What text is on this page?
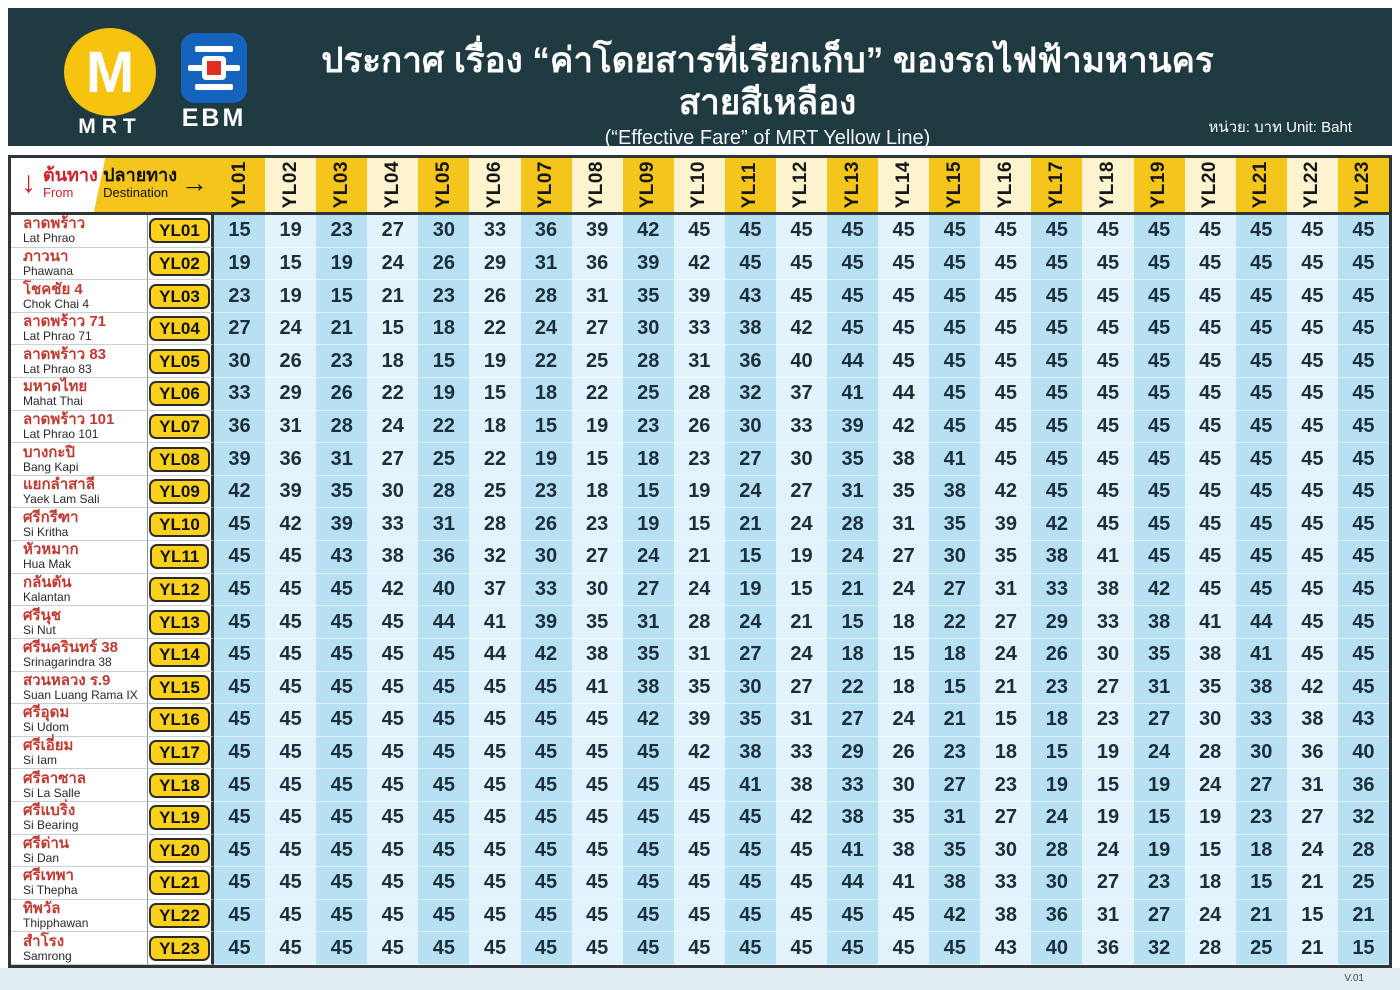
M
MRT	EBM
ประกาศ เรื่อง “ค่าโดยสารที่เรียกเก็บ” ของรถไฟฟ้ามหานคร สายสีเหลือง
(“Effective Fare” of MRT Yellow Line)	หน่วย: บาท Unit: Baht
↓ ต้นทาง
From
ปลายทาง
Destination → YL01 YL02 YL03 YL04 YL05 YL06 YL07 YL08 YL09 YL10 YL11 YL12 YL13 YL14 YL15 YL16 YL17 YL18 YL19 YL20 YL21 YL22 YL23
ลาดพร้าว
Lat Phrao	YL01	15	19	23	27	30	33	36	39	42	45	45	45	45	45	45	45	45	45	45	45	45	45	45
ภาวนา
Phawana	YL02	19	15	19	24	26	29	31	36	39	42	45	45	45	45	45	45	45	45	45	45	45	45	45
โชคชัย 4
Chok Chai 4	YL03	23	19	15	21	23	26	28	31	35	39	43	45	45	45	45	45	45	45	45	45	45	45	45
ลาดพร้าว 71
Lat Phrao 71	YL04	27	24	21	15	18	22	24	27	30	33	38	42	45	45	45	45	45	45	45	45	45	45	45
ลาดพร้าว 83
Lat Phrao 83	YL05	30	26	23	18	15	19	22	25	28	31	36	40	44	45	45	45	45	45	45	45	45	45	45
มหาดไทย
Mahat Thai	YL06	33	29	26	22	19	15	18	22	25	28	32	37	41	44	45	45	45	45	45	45	45	45	45
ลาดพร้าว 101
Lat Phrao 101	YL07	36	31	28	24	22	18	15	19	23	26	30	33	39	42	45	45	45	45	45	45	45	45	45
บางกะปิ
Bang Kapi	YL08	39	36	31	27	25	22	19	15	18	23	27	30	35	38	41	45	45	45	45	45	45	45	45
แยกลำสาลี
Yaek Lam Sali	YL09	42	39	35	30	28	25	23	18	15	19	24	27	31	35	38	42	45	45	45	45	45	45	45
ศรีกรีฑา
Si Kritha	YL10	45	42	39	33	31	28	26	23	19	15	21	24	28	31	35	39	42	45	45	45	45	45	45
หัวหมาก
Hua Mak	YL11	45	45	43	38	36	32	30	27	24	21	15	19	24	27	30	35	38	41	45	45	45	45	45
กลันตัน
Kalantan	YL12	45	45	45	42	40	37	33	30	27	24	19	15	21	24	27	31	33	38	42	45	45	45	45
ศรีนุช
Si Nut	YL13	45	45	45	45	44	41	39	35	31	28	24	21	15	18	22	27	29	33	38	41	44	45	45
ศรีนครินทร์ 38
Srinagarindra 38	YL14	45	45	45	45	45	44	42	38	35	31	27	24	18	15	18	24	26	30	35	38	41	45	45
สวนหลวง ร.9
Suan Luang Rama IX	YL15	45	45	45	45	45	45	45	41	38	35	30	27	22	18	15	21	23	27	31	35	38	42	45
ศรีอุดม
Si Udom	YL16	45	45	45	45	45	45	45	45	42	39	35	31	27	24	21	15	18	23	27	30	33	38	43
ศรีเอี่ยม
Si Iam	YL17	45	45	45	45	45	45	45	45	45	42	38	33	29	26	23	18	15	19	24	28	30	36	40
ศรีลาซาล
Si La Salle	YL18	45	45	45	45	45	45	45	45	45	45	41	38	33	30	27	23	19	15	19	24	27	31	36
ศรีแบริ่ง
Si Bearing	YL19	45	45	45	45	45	45	45	45	45	45	45	42	38	35	31	27	24	19	15	19	23	27	32
ศรีด่าน
Si Dan	YL20	45	45	45	45	45	45	45	45	45	45	45	45	41	38	35	30	28	24	19	15	18	24	28
ศรีเทพา
Si Thepha	YL21	45	45	45	45	45	45	45	45	45	45	45	45	44	41	38	33	30	27	23	18	15	21	25
ทิพวัล
Thipphawan	YL22	45	45	45	45	45	45	45	45	45	45	45	45	45	45	42	38	36	31	27	24	21	15	21
สำโรง
Samrong	YL23	45	45	45	45	45	45	45	45	45	45	45	45	45	45	45	43	40	36	32	28	25	21	15
V.01
